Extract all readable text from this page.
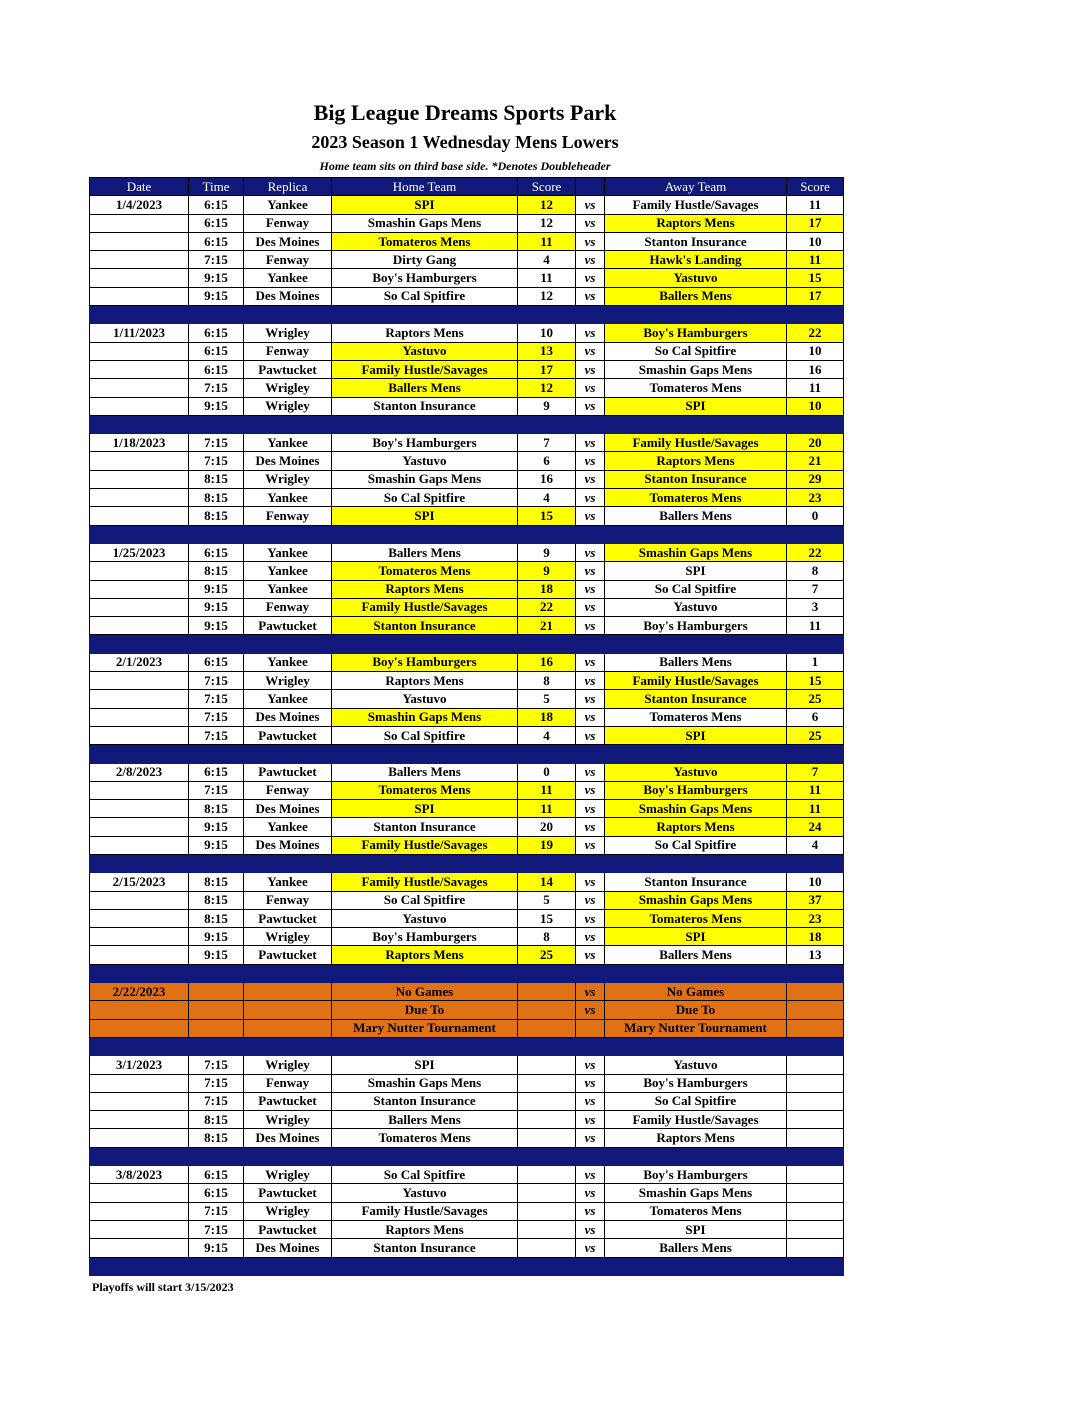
Big League Dreams Sports Park
2023 Season 1 Wednesday Mens Lowers
Home team sits on third base side. *Denotes Doubleheader
Date	Time	Replica	Home Team	Score		Away Team	Score
1/4/2023	6:15	Yankee	SPI	12	vs	Family Hustle/Savages	11
	6:15	Fenway	Smashin Gaps Mens	12	vs	Raptors Mens	17
	6:15	Des Moines	Tomateros Mens	11	vs	Stanton Insurance	10
	7:15	Fenway	Dirty Gang	4	vs	Hawk's Landing	11
	9:15	Yankee	Boy's Hamburgers	11	vs	Yastuvo	15
	9:15	Des Moines	So Cal Spitfire	12	vs	Ballers Mens	17

1/11/2023	6:15	Wrigley	Raptors Mens	10	vs	Boy's Hamburgers	22
	6:15	Fenway	Yastuvo	13	vs	So Cal Spitfire	10
	6:15	Pawtucket	Family Hustle/Savages	17	vs	Smashin Gaps Mens	16
	7:15	Wrigley	Ballers Mens	12	vs	Tomateros Mens	11
	9:15	Wrigley	Stanton Insurance	9	vs	SPI	10

1/18/2023	7:15	Yankee	Boy's Hamburgers	7	vs	Family Hustle/Savages	20
	7:15	Des Moines	Yastuvo	6	vs	Raptors Mens	21
	8:15	Wrigley	Smashin Gaps Mens	16	vs	Stanton Insurance	29
	8:15	Yankee	So Cal Spitfire	4	vs	Tomateros Mens	23
	8:15	Fenway	SPI	15	vs	Ballers Mens	0

1/25/2023	6:15	Yankee	Ballers Mens	9	vs	Smashin Gaps Mens	22
	8:15	Yankee	Tomateros Mens	9	vs	SPI	8
	9:15	Yankee	Raptors Mens	18	vs	So Cal Spitfire	7
	9:15	Fenway	Family Hustle/Savages	22	vs	Yastuvo	3
	9:15	Pawtucket	Stanton Insurance	21	vs	Boy's Hamburgers	11

2/1/2023	6:15	Yankee	Boy's Hamburgers	16	vs	Ballers Mens	1
	7:15	Wrigley	Raptors Mens	8	vs	Family Hustle/Savages	15
	7:15	Yankee	Yastuvo	5	vs	Stanton Insurance	25
	7:15	Des Moines	Smashin Gaps Mens	18	vs	Tomateros Mens	6
	7:15	Pawtucket	So Cal Spitfire	4	vs	SPI	25

2/8/2023	6:15	Pawtucket	Ballers Mens	0	vs	Yastuvo	7
	7:15	Fenway	Tomateros Mens	11	vs	Boy's Hamburgers	11
	8:15	Des Moines	SPI	11	vs	Smashin Gaps Mens	11
	9:15	Yankee	Stanton Insurance	20	vs	Raptors Mens	24
	9:15	Des Moines	Family Hustle/Savages	19	vs	So Cal Spitfire	4

2/15/2023	8:15	Yankee	Family Hustle/Savages	14	vs	Stanton Insurance	10
	8:15	Fenway	So Cal Spitfire	5	vs	Smashin Gaps Mens	37
	8:15	Pawtucket	Yastuvo	15	vs	Tomateros Mens	23
	9:15	Wrigley	Boy's Hamburgers	8	vs	SPI	18
	9:15	Pawtucket	Raptors Mens	25	vs	Ballers Mens	13

2/22/2023			No Games		vs	No Games	
			Due To		vs	Due To	
			Mary Nutter Tournament			Mary Nutter Tournament	

3/1/2023	7:15	Wrigley	SPI		vs	Yastuvo	
	7:15	Fenway	Smashin Gaps Mens		vs	Boy's Hamburgers	
	7:15	Pawtucket	Stanton Insurance		vs	So Cal Spitfire	
	8:15	Wrigley	Ballers Mens		vs	Family Hustle/Savages	
	8:15	Des Moines	Tomateros Mens		vs	Raptors Mens	

3/8/2023	6:15	Wrigley	So Cal Spitfire		vs	Boy's Hamburgers	
	6:15	Pawtucket	Yastuvo		vs	Smashin Gaps Mens	
	7:15	Wrigley	Family Hustle/Savages		vs	Tomateros Mens	
	7:15	Pawtucket	Raptors Mens		vs	SPI	
	9:15	Des Moines	Stanton Insurance		vs	Ballers Mens	

Playoffs will start 3/15/2023
